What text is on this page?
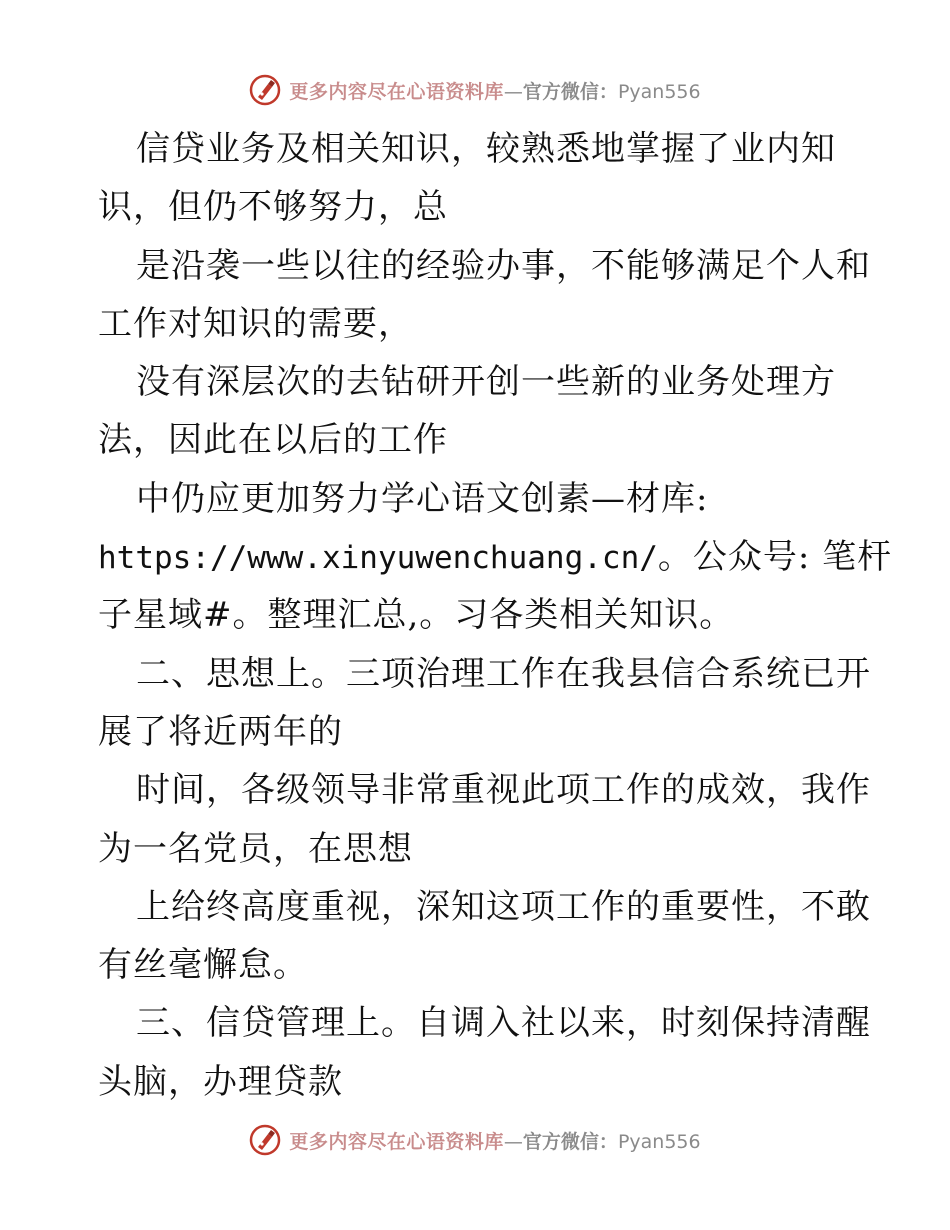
更多内容尽在心语资料库—官方微信：Pyan556
信贷业务及相关知识，较熟悉地掌握了业内知
识，但仍不够努力，总
是沿袭一些以往的经验办事，不能够满足个人和
工作对知识的需要，
没有深层次的去钻研开创一些新的业务处理方
法，因此在以后的工作
中仍应更加努力学心语文创素—材库:
https://www.xinyuwenchuang.cn/。公众号: 笔杆
子星域#。整理汇总,。习各类相关知识。
二、思想上。三项治理工作在我县信合系统已开
展了将近两年的
时间，各级领导非常重视此项工作的成效，我作
为一名党员，在思想
上给终高度重视，深知这项工作的重要性，不敢
有丝毫懈怠。
三、信贷管理上。自调入社以来，时刻保持清醒
头脑，办理贷款
更多内容尽在心语资料库—官方微信：Pyan556
